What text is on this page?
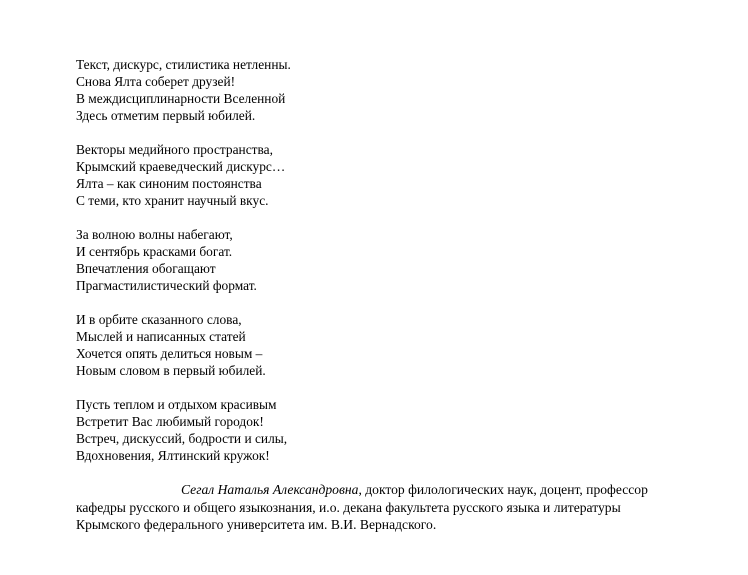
Текст, дискурс, стилистика нетленны.
Снова Ялта соберет друзей!
В междисциплинарности Вселенной
Здесь отметим первый юбилей.
Векторы медийного пространства,
Крымский краеведческий дискурс…
Ялта – как синоним постоянства
С теми, кто хранит научный вкус.
За волною волны набегают,
И сентябрь красками богат.
Впечатления обогащают
Прагмастилистический формат.
И в орбите сказанного слова,
Мыслей и написанных статей
Хочется опять делиться новым –
Новым словом в первый юбилей.
Пусть теплом и отдыхом красивым
Встретит Вас любимый городок!
Встреч, дискуссий, бодрости и силы,
Вдохновения, Ялтинский кружок!
Сегал Наталья Александровна, доктор филологических наук, доцент, профессор
кафедры русского и общего языкознания, и.о. декана факультета русского языка и литературы
Крымского федерального университета им. В.И. Вернадского.
